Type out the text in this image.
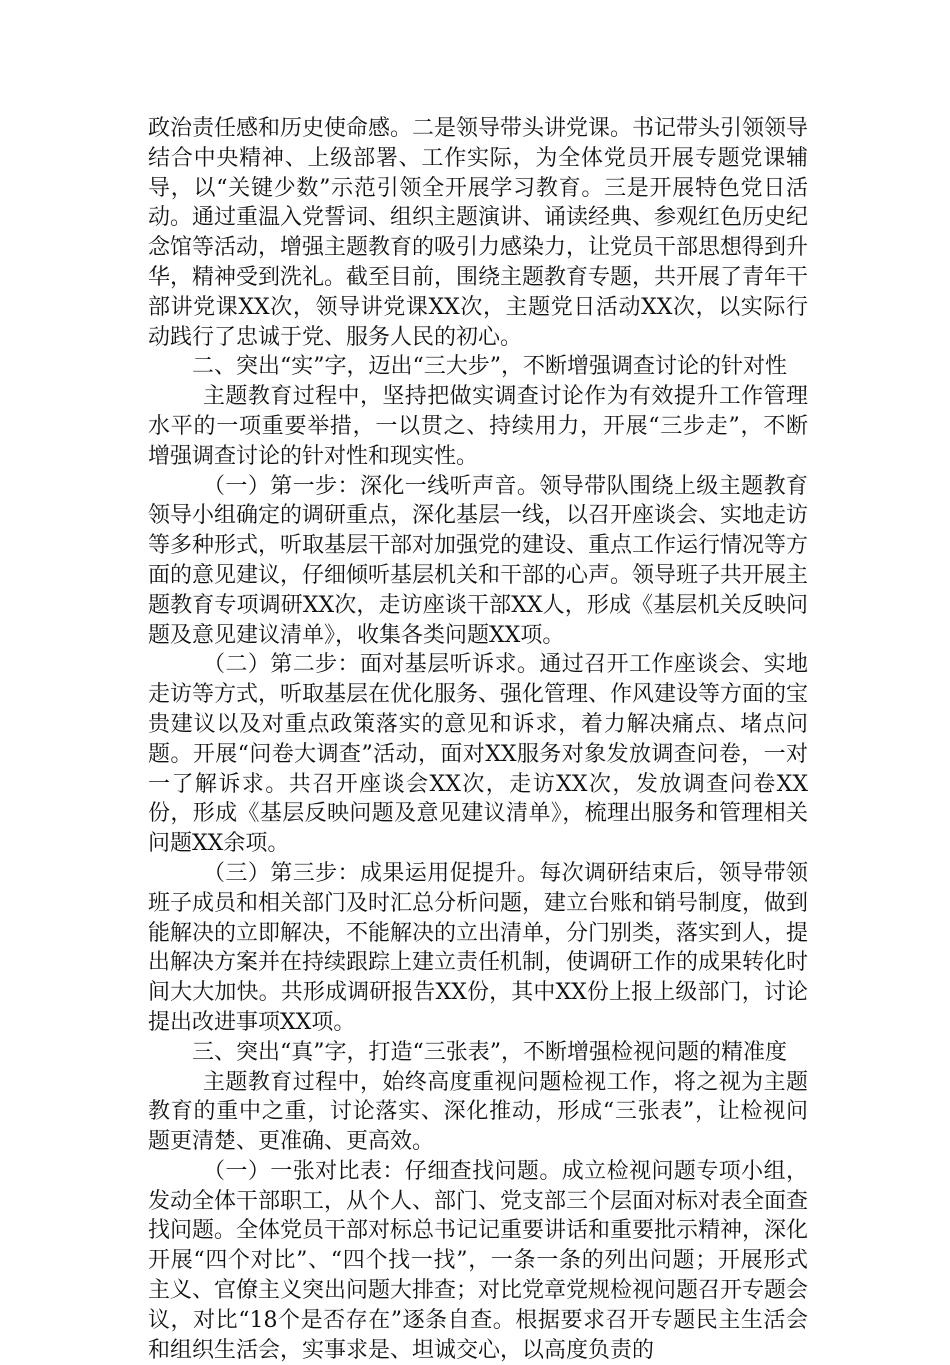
政治责任感和历史使命感。二是领导带头讲党课。书记带头引领领导结合中央精神、上级部署、工作实际，为全体党员开展专题党课辅导，以“关键少数”示范引领全开展学习教育。三是开展特色党日活动。通过重温入党誓词、组织主题演讲、诵读经典、参观红色历史纪念馆等活动，增强主题教育的吸引力感染力，让党员干部思想得到升华，精神受到洗礼。截至目前，围绕主题教育专题，共开展了青年干部讲党课XX次，领导讲党课XX次，主题党日活动XX次，以实际行动践行了忠诚于党、服务人民的初心。

二、突出“实”字，迈出“三大步”，不断增强调查讨论的针对性

主题教育过程中，坚持把做实调查讨论作为有效提升工作管理水平的一项重要举措，一以贯之、持续用力，开展“三步走”，不断增强调查讨论的针对性和现实性。

（一）第一步：深化一线听声音。领导带队围绕上级主题教育领导小组确定的调研重点，深化基层一线，以召开座谈会、实地走访等多种形式，听取基层干部对加强党的建设、重点工作运行情况等方面的意见建议，仔细倾听基层机关和干部的心声。领导班子共开展主题教育专项调研XX次，走访座谈干部XX人，形成《基层机关反映问题及意见建议清单》，收集各类问题XX项。

（二）第二步：面对基层听诉求。通过召开工作座谈会、实地走访等方式，听取基层在优化服务、强化管理、作风建设等方面的宝贵建议以及对重点政策落实的意见和诉求，着力解决痛点、堵点问题。开展“问卷大调查”活动，面对XX服务对象发放调查问卷，一对一了解诉求。共召开座谈会XX次，走访XX次，发放调查问卷XX份，形成《基层反映问题及意见建议清单》，梳理出服务和管理相关问题XX余项。

（三）第三步：成果运用促提升。每次调研结束后，领导带领班子成员和相关部门及时汇总分析问题，建立台账和销号制度，做到能解决的立即解决，不能解决的立出清单，分门别类，落实到人，提出解决方案并在持续跟踪上建立责任机制，使调研工作的成果转化时间大大加快。共形成调研报告XX份，其中XX份上报上级部门，讨论提出改进事项XX项。

三、突出“真”字，打造“三张表”，不断增强检视问题的精准度

主题教育过程中，始终高度重视问题检视工作，将之视为主题教育的重中之重，讨论落实、深化推动，形成“三张表”，让检视问题更清楚、更准确、更高效。

（一）一张对比表：仔细查找问题。成立检视问题专项小组，发动全体干部职工，从个人、部门、党支部三个层面对标对表全面查找问题。全体党员干部对标总书记记重要讲话和重要批示精神，深化开展“四个对比”、“四个找一找”，一条一条的列出问题；开展形式主义、官僚主义突出问题大排查；对比党章党规检视问题召开专题会议，对比“18个是否存在”逐条自查。根据要求召开专题民主生活会和组织生活会，实事求是、坦诚交心，以高度负责的
